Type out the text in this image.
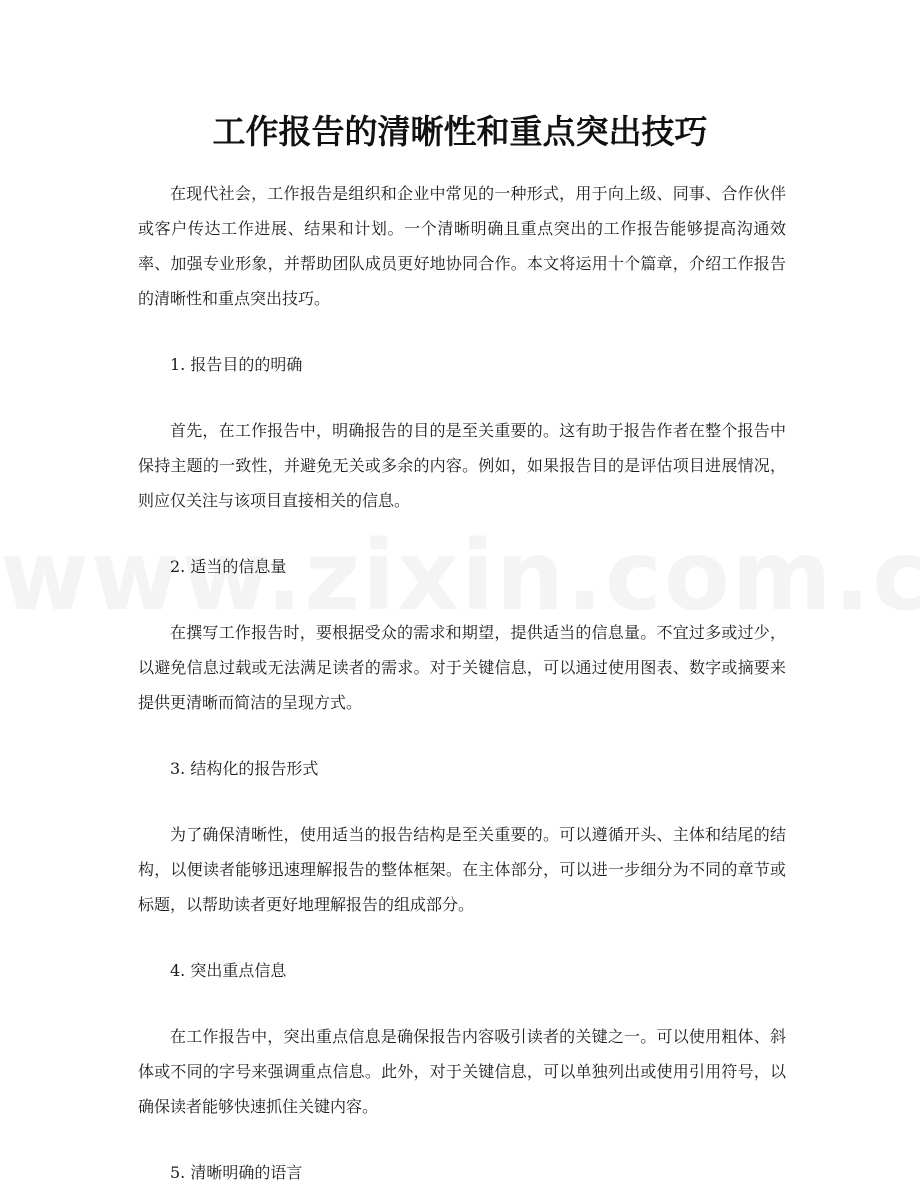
工作报告的清晰性和重点突出技巧

在现代社会，工作报告是组织和企业中常见的一种形式，用于向上级、同事、合作伙伴或客户传达工作进展、结果和计划。一个清晰明确且重点突出的工作报告能够提高沟通效率、加强专业形象，并帮助团队成员更好地协同合作。本文将运用十个篇章，介绍工作报告的清晰性和重点突出技巧。

1. 报告目的的明确

首先，在工作报告中，明确报告的目的是至关重要的。这有助于报告作者在整个报告中保持主题的一致性，并避免无关或多余的内容。例如，如果报告目的是评估项目进展情况，则应仅关注与该项目直接相关的信息。

2. 适当的信息量

在撰写工作报告时，要根据受众的需求和期望，提供适当的信息量。不宜过多或过少，以避免信息过载或无法满足读者的需求。对于关键信息，可以通过使用图表、数字或摘要来提供更清晰而简洁的呈现方式。

3. 结构化的报告形式

为了确保清晰性，使用适当的报告结构是至关重要的。可以遵循开头、主体和结尾的结构，以便读者能够迅速理解报告的整体框架。在主体部分，可以进一步细分为不同的章节或标题，以帮助读者更好地理解报告的组成部分。

4. 突出重点信息

在工作报告中，突出重点信息是确保报告内容吸引读者的关键之一。可以使用粗体、斜体或不同的字号来强调重点信息。此外，对于关键信息，可以单独列出或使用引用符号，以确保读者能够快速抓住关键内容。

5. 清晰明确的语言
